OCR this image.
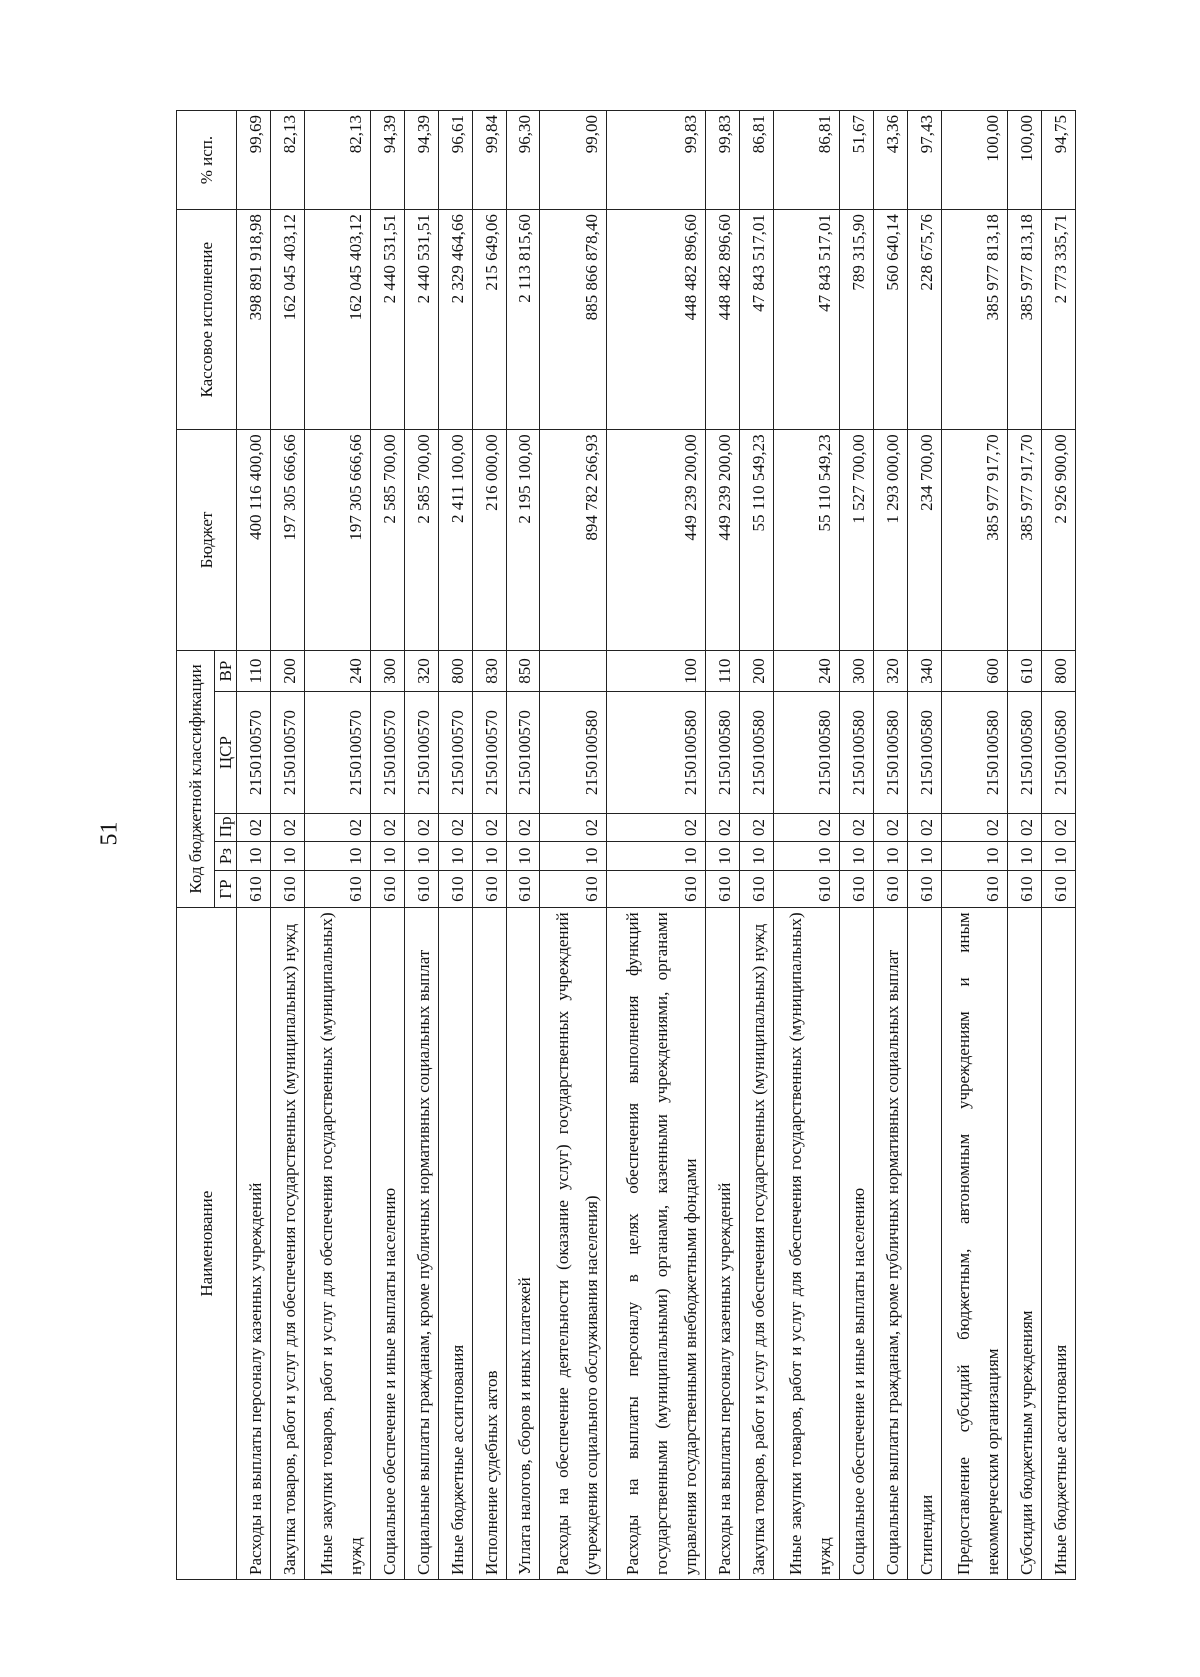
51
Наименование	Код бюджетной классификации					Бюджет	Кассовое исполнение	% исп.
	ГР	Рз	Пр	ЦСР	ВР			
Расходы на выплаты персоналу казенных учреждений	610	10	02	2150100570	110	400 116 400,00	398 891 918,98	99,69
Закупка товаров, работ и услуг для обеспечения государственных (муниципальных) нужд	610	10	02	2150100570	200	197 305 666,66	162 045 403,12	82,13
Иные закупки товаров, работ и услуг для обеспечения государственных (муниципальных) нужд	610	10	02	2150100570	240	197 305 666,66	162 045 403,12	82,13
Социальное обеспечение и иные выплаты населению	610	10	02	2150100570	300	2 585 700,00	2 440 531,51	94,39
Социальные выплаты гражданам, кроме публичных нормативных социальных выплат	610	10	02	2150100570	320	2 585 700,00	2 440 531,51	94,39
Иные бюджетные ассигнования	610	10	02	2150100570	800	2 411 100,00	2 329 464,66	96,61
Исполнение судебных актов	610	10	02	2150100570	830	216 000,00	215 649,06	99,84
Уплата налогов, сборов и иных платежей	610	10	02	2150100570	850	2 195 100,00	2 113 815,60	96,30
Расходы на обеспечение деятельности (оказание услуг) государственных учреждений (учреждения социального обслуживания населения)	610	10	02	2150100580		894 782 266,93	885 866 878,40	99,00
Расходы на выплаты персоналу в целях обеспечения выполнения функций государственными (муниципальными) органами, казенными учреждениями, органами управления государственными внебюджетными фондами	610	10	02	2150100580	100	449 239 200,00	448 482 896,60	99,83
Расходы на выплаты персоналу казенных учреждений	610	10	02	2150100580	110	449 239 200,00	448 482 896,60	99,83
Закупка товаров, работ и услуг для обеспечения государственных (муниципальных) нужд	610	10	02	2150100580	200	55 110 549,23	47 843 517,01	86,81
Иные закупки товаров, работ и услуг для обеспечения государственных (муниципальных) нужд	610	10	02	2150100580	240	55 110 549,23	47 843 517,01	86,81
Социальное обеспечение и иные выплаты населению	610	10	02	2150100580	300	1 527 700,00	789 315,90	51,67
Социальные выплаты гражданам, кроме публичных нормативных социальных выплат	610	10	02	2150100580	320	1 293 000,00	560 640,14	43,36
Стипендии	610	10	02	2150100580	340	234 700,00	228 675,76	97,43
Предоставление субсидий бюджетным, автономным учреждениям и иным некоммерческим организациям	610	10	02	2150100580	600	385 977 917,70	385 977 813,18	100,00
Субсидии бюджетным учреждениям	610	10	02	2150100580	610	385 977 917,70	385 977 813,18	100,00
Иные бюджетные ассигнования	610	10	02	2150100580	800	2 926 900,00	2 773 335,71	94,75
